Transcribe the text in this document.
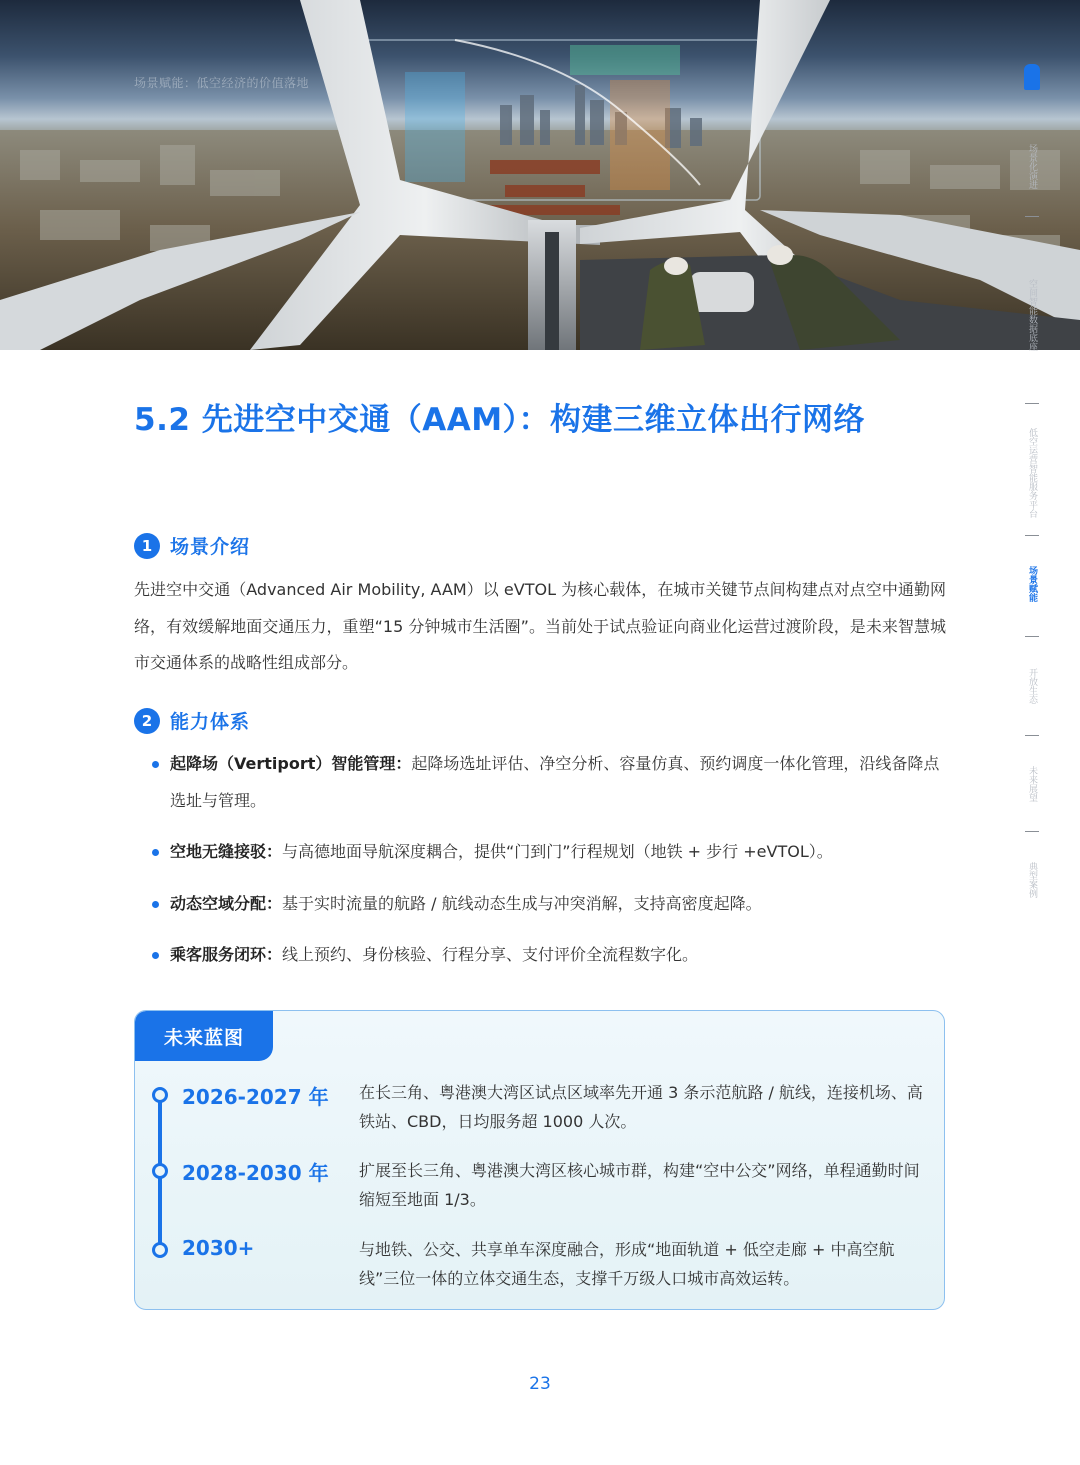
场景赋能：低空经济的价值落地
场景化演进
空间智能数据底座
低空运营智能服务平台
场景赋能
开放生态
未来展望
典型案例
5.2 先进空中交通（AAM）：构建三维立体出行网络
1 场景介绍

先进空中交通（Advanced Air Mobility, AAM）以 eVTOL 为核心载体，在城市关键节点间构建点对点空中通勤网络，有效缓解地面交通压力，重塑“15 分钟城市生活圈”。当前处于试点验证向商业化运营过渡阶段，是未来智慧城市交通体系的战略性组成部分。

2 能力体系
起降场（Vertiport）智能管理：起降场选址评估、净空分析、容量仿真、预约调度一体化管理，沿线备降点选址与管理。
空地无缝接驳：与高德地面导航深度耦合，提供“门到门”行程规划（地铁 + 步行 +eVTOL）。
动态空域分配：基于实时流量的航路 / 航线动态生成与冲突消解，支持高密度起降。
乘客服务闭环：线上预约、身份核验、行程分享、支付评价全流程数字化。
未来蓝图
2026-2027 年 在长三角、粤港澳大湾区试点区域率先开通 3 条示范航路 / 航线，连接机场、高铁站、CBD，日均服务超 1000 人次。
2028-2030 年 扩展至长三角、粤港澳大湾区核心城市群，构建“空中公交”网络，单程通勤时间缩短至地面 1/3。
2030+	与地铁、公交、共享单车深度融合，形成“地面轨道 + 低空走廊 + 中高空航线”三位一体的立体交通生态，支撑千万级人口城市高效运转。
23
